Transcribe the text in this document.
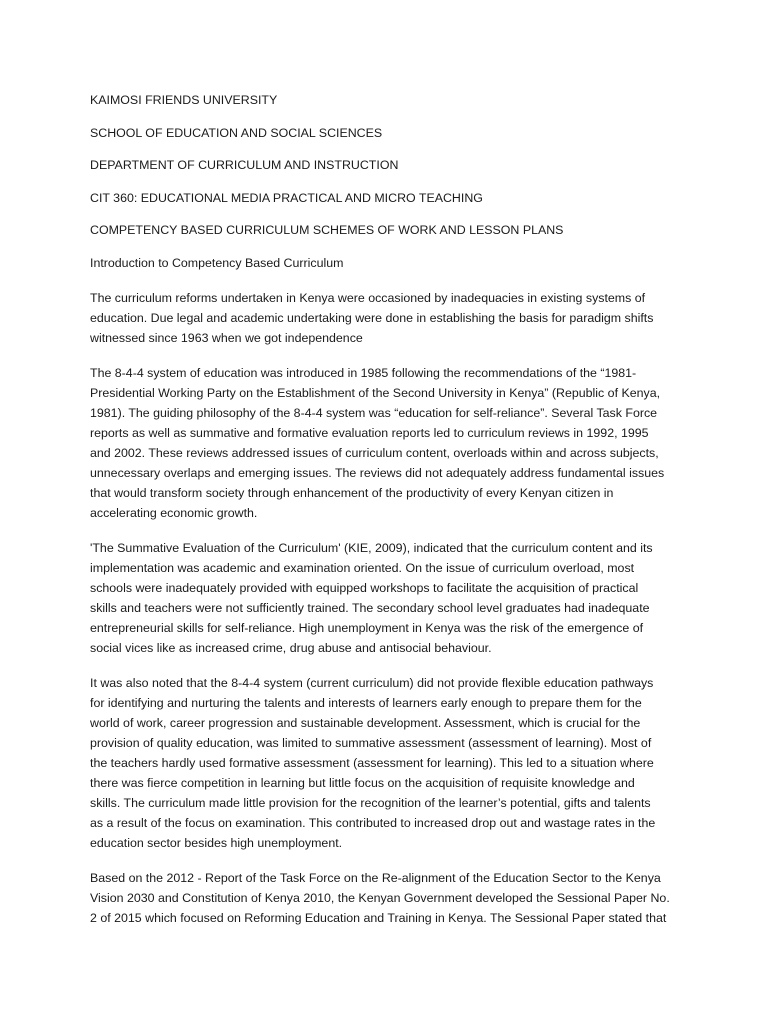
KAIMOSI FRIENDS UNIVERSITY
SCHOOL OF EDUCATION AND SOCIAL SCIENCES
DEPARTMENT OF CURRICULUM AND INSTRUCTION
CIT 360: EDUCATIONAL MEDIA PRACTICAL AND MICRO TEACHING
COMPETENCY BASED CURRICULUM SCHEMES OF WORK AND LESSON PLANS
Introduction to Competency Based Curriculum
The curriculum reforms undertaken in Kenya were occasioned by inadequacies in existing systems of
education. Due legal and academic undertaking were done in establishing the basis for paradigm shifts
witnessed since 1963 when we got independence
The 8-4-4 system of education was introduced in 1985 following the recommendations of the “1981-
Presidential Working Party on the Establishment of the Second University in Kenya” (Republic of Kenya,
1981). The guiding philosophy of the 8-4-4 system was “education for self-reliance”. Several Task Force
reports as well as summative and formative evaluation reports led to curriculum reviews in 1992, 1995
and 2002. These reviews addressed issues of curriculum content, overloads within and across subjects,
unnecessary overlaps and emerging issues. The reviews did not adequately address fundamental issues
that would transform society through enhancement of the productivity of every Kenyan citizen in
accelerating economic growth.
'The Summative Evaluation of the Curriculum' (KIE, 2009), indicated that the curriculum content and its
implementation was academic and examination oriented. On the issue of curriculum overload, most
schools were inadequately provided with equipped workshops to facilitate the acquisition of practical
skills and teachers were not sufficiently trained. The secondary school level graduates had inadequate
entrepreneurial skills for self-reliance. High unemployment in Kenya was the risk of the emergence of
social vices like as increased crime, drug abuse and antisocial behaviour.
It was also noted that the 8-4-4 system (current curriculum) did not provide flexible education pathways
for identifying and nurturing the talents and interests of learners early enough to prepare them for the
world of work, career progression and sustainable development. Assessment, which is crucial for the
provision of quality education, was limited to summative assessment (assessment of learning). Most of
the teachers hardly used formative assessment (assessment for learning). This led to a situation where
there was fierce competition in learning but little focus on the acquisition of requisite knowledge and
skills. The curriculum made little provision for the recognition of the learner’s potential, gifts and talents
as a result of the focus on examination. This contributed to increased drop out and wastage rates in the
education sector besides high unemployment.
Based on the 2012 - Report of the Task Force on the Re-alignment of the Education Sector to the Kenya
Vision 2030 and Constitution of Kenya 2010, the Kenyan Government developed the Sessional Paper No.
2 of 2015 which focused on Reforming Education and Training in Kenya. The Sessional Paper stated that
